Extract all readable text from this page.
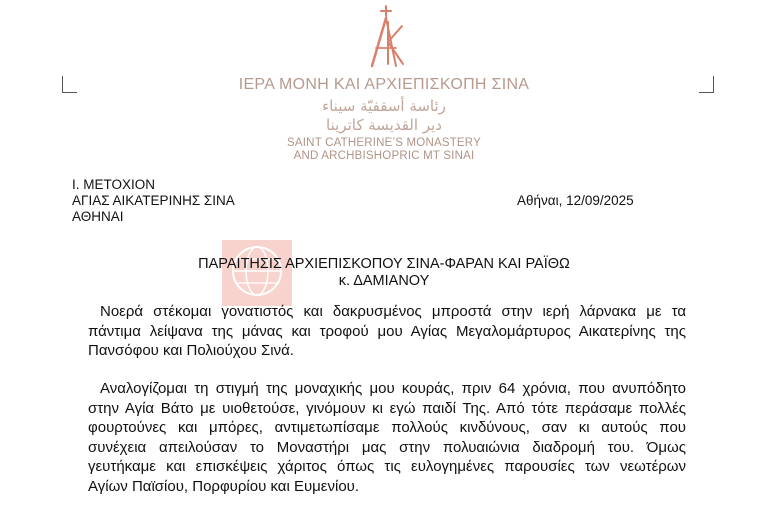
ΙΕΡΑ ΜΟΝΗ ΚΑΙ ΑΡΧΙΕΠΙΣΚΟΠΗ ΣΙΝΑ
رئاسة أسقفيّة سيناء
دير القديسة كاترينا
SAINT CATHERINE’S MONASTERY
AND ARCHBISHOPRIC MT SINAI
Ι. ΜΕΤΟΧΙΟΝ
ΑΓΙΑΣ ΑΙΚΑΤΕΡΙΝΗΣ ΣΙΝΑ
ΑΘΗΝΑΙ
Αθήναι, 12/09/2025
ΠΑΡΑΙΤΗΣΙΣ ΑΡΧΙΕΠΙΣΚΟΠΟΥ ΣΙΝΑ-ΦΑΡΑΝ ΚΑΙ ΡΑΪΘΩ
κ. ΔΑΜΙΑΝΟΥ
Νοερά στέκομαι γονατιστός και δακρυσμένος μπροστά στην ιερή λάρνακα με τα
πάντιμα λείψανα της μάνας και τροφού μου Αγίας Μεγαλομάρτυρος Αικατερίνης της
Πανσόφου και Πολιούχου Σινά.
Αναλογίζομαι τη στιγμή της μοναχικής μου κουράς, πριν 64 χρόνια, που ανυπόδητο
στην Αγία Βάτο με υιοθετούσε, γινόμουν κι εγώ παιδί Της. Από τότε περάσαμε πολλές
φουρτούνες και μπόρες, αντιμετωπίσαμε πολλούς κινδύνους, σαν κι αυτούς που
συνέχεια απειλούσαν το Μοναστήρι μας στην πολυαιώνια διαδρομή του. Όμως
γευτήκαμε και επισκέψεις χάριτος όπως τις ευλογημένες παρουσίες των νεωτέρων
Αγίων Παϊσίου, Πορφυρίου και Ευμενίου.
